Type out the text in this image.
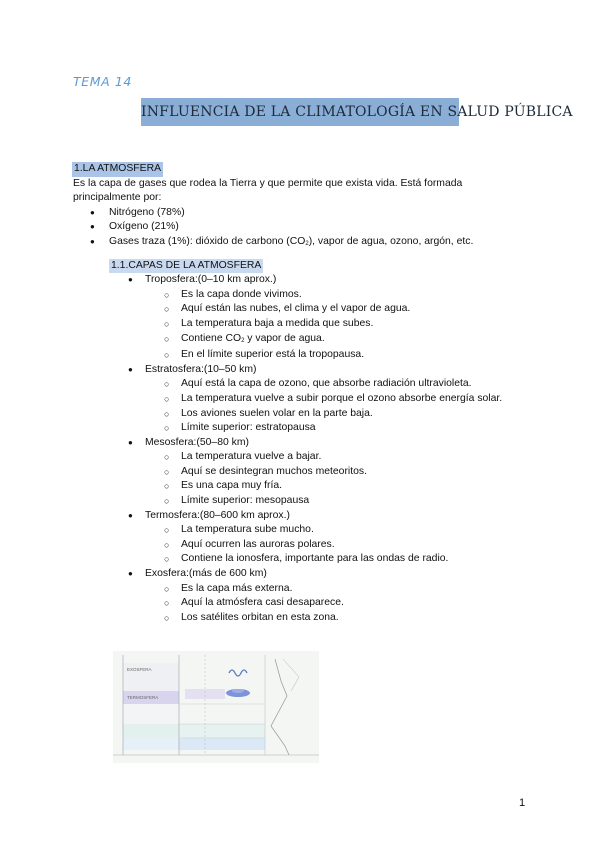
TEMA 14
INFLUENCIA DE LA CLIMATOLOGÍA EN SALUD PÚBLICA
1.LA ATMOSFERA

Es la capa de gases que rodea la Tierra y que permite que exista vida. Está formada
principalmente por:

● Nitrógeno (78%)
● Oxígeno (21%)
● Gases traza (1%): dióxido de carbono $(CO_2)$, vapor de agua, ozono, argón, etc.
1.1.CAPAS DE LA ATMOSFERA
● Troposfera:(0–10 km aprox.)
○ Es la capa donde vivimos.
○ Aquí están las nubes, el clima y el vapor de agua.
○ La temperatura baja a medida que subes.
○ Contiene $CO_2$ y vapor de agua.
○ En el límite superior está la tropopausa.
● Estratosfera:(10–50 km)
○ Aquí está la capa de ozono, que absorbe radiación ultravioleta.
○ La temperatura vuelve a subir porque el ozono absorbe energía solar.
○ Los aviones suelen volar en la parte baja.
○ Límite superior: estratopausa
● Mesosfera:(50–80 km)
○ La temperatura vuelve a bajar.
○ Aquí se desintegran muchos meteoritos.
○ Es una capa muy fría.
○ Límite superior: mesopausa
● Termosfera:(80–600 km aprox.)
○ La temperatura sube mucho.
○ Aquí ocurren las auroras polares.
○ Contiene la ionosfera, importante para las ondas de radio.
● Exosfera:(más de 600 km)
○ Es la capa más externa.
○ Aquí la atmósfera casi desaparece.
○ Los satélites orbitan en esta zona.
EXOSFERA
TERMOSFERA
1
